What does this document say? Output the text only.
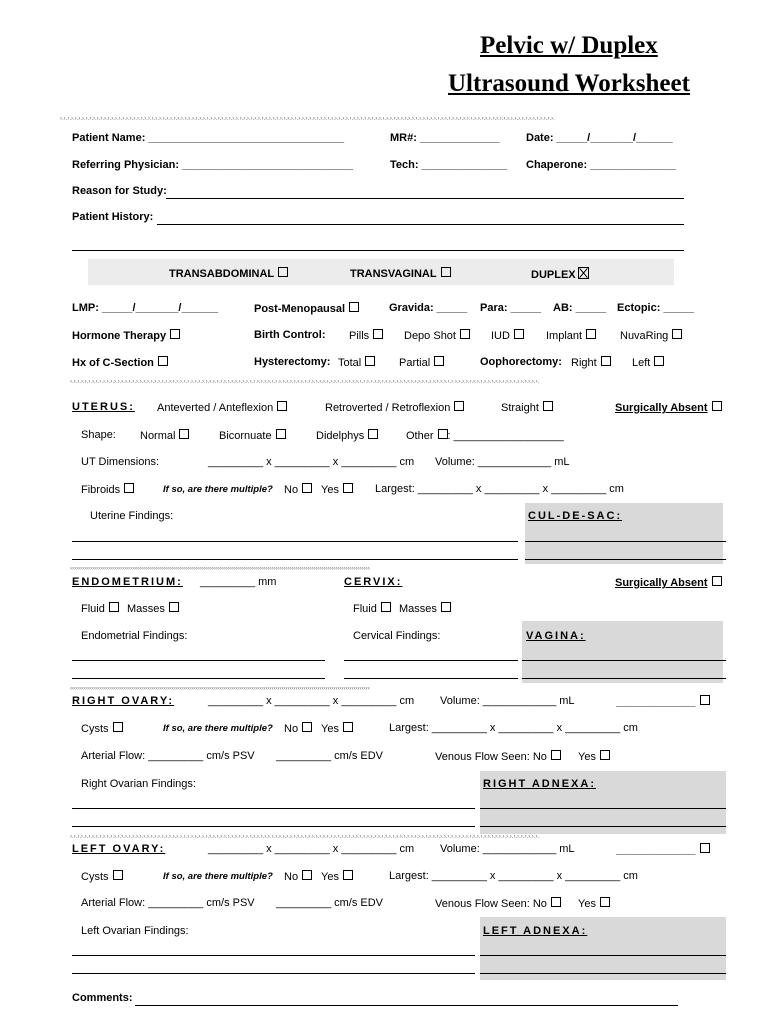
Pelvic w/ Duplex
Ultrasound Worksheet
›.›.›.›.›.›.›.›.›.›.›.›.›.›.›.›.›.›.›.›.›.›.›.›.›.›.›.›.›.›.›.›.›.›.›.›.›.›.›.›.›.›.›.›.›.›.›.›.›.›.›.›.›.›.›.›.›.›.›.›.›.›.›.›.›.›.›.›.›.›.›.›.›.›.›.›.›.›.›.›.›.›.›.›.›.›.›.›.›.›.›.›.›.›.›.›.›.›.›.›.›.›.›.›.›.›.›.›.›.›.›.›.›.›.›.›.›.›.›.›.›.›.›.›.›.›.›.›.›.›.›.›.›.›.›.
Patient Name: ________________________________	MR#: _____________ Date: _____/_______/______
Referring Physician: ____________________________	Tech: ______________ Chaperone: ______________
Reason for Study:
Patient History:
TRANSABDOMINAL	TRANSVAGINAL	DUPLEX
LMP: _____/_______/______	Post-Menopausal	Gravida: _____ Para: _____ AB: _____ Ectopic: _____
Hormone Therapy	Birth Control: Pills	Depo Shot	IUD	Implant	NuvaRing
Hx of C-Section	Hysterectomy: Total	Partial	Oophorectomy: Right	Left
›.›.›.›.›.›.›.›.›.›.›.›.›.›.›.›.›.›.›.›.›.›.›.›.›.›.›.›.›.›.›.›.›.›.›.›.›.›.›.›.›.›.›.›.›.›.›.›.›.›.›.›.›.›.›.›.›.›.›.›.›.›.›.›.›.›.›.›.›.›.›.›.›.›.›.›.›.›.›.›.›.›.›.›.›.›.›.›.›.›.›.›.›.›.›.›.›.›.›.›.›.›.›.›.›.›.›.›.›.›.›.›.›.›.›.›.›.›.›.›.›.›.›.›.›.›.›.›.
UTERUS: Anteverted / Anteflexion	Retroverted / Retroflexion	Straight	Surgically Absent
Shape: Normal	Bicornuate	Didelphys	Other : __________________
UT Dimensions:	_________ x _________ x _________ cm Volume: ____________ mL
Fibroids	If so, are there multiple? No	Yes	Largest: _________ x _________ x _________ cm
CUL-DE-SAC:
Uterine Findings:
››››››››››››››››››››››››››››››››››››››››››››››››››››››››››››››››››››››››››››››››››››››››››››››››››››››››››››››››››››››››››››››››››››››››››››››››››››››
ENDOMETRIUM: _________ mm	CERVIX:	Surgically Absent
Fluid	Masses	Fluid	Masses
Endometrial Findings:	Cervical Findings:	VAGINA:
‹‹‹‹‹‹‹‹‹‹‹‹‹‹‹‹‹‹‹‹‹‹‹‹‹‹‹‹‹‹‹‹‹‹‹‹‹‹‹‹‹‹‹‹‹‹‹‹‹‹‹‹‹‹‹‹‹‹‹‹‹‹‹‹‹‹‹‹‹‹‹‹‹‹‹‹‹‹‹‹‹‹‹‹‹‹‹‹‹‹‹‹‹‹‹‹‹‹‹‹‹‹‹‹‹‹‹‹‹‹‹‹‹‹‹‹‹‹‹‹‹‹‹‹‹‹‹‹‹‹‹‹‹‹‹‹‹‹‹‹‹‹‹‹‹‹‹‹‹‹
RIGHT OVARY:	_________ x _________ x _________ cm Volume: ____________ mL	_____________
Cysts	If so, are there multiple? No	Yes	Largest: _________ x _________ x _________ cm
Arterial Flow: _________ cm/s PSV _________ cm/s EDV	Venous Flow Seen: No	Yes
Right Ovarian Findings:	RIGHT ADNEXA:
›.›.›.›.›.›.›.›.›.›.›.›.›.›.›.›.›.›.›.›.›.›.›.›.›.›.›.›.›.›.›.›.›.›.›.›.›.›.›.›.›.›.›.›.›.›.›.›.›.›.›.›.›.›.›.›.›.›.›.›.›.›.›.›.›.›.›.›.›.›.›.›.›.›.›.›.›.›.›.›.›.›.›.›.›.›.›.›.›.›.›.›.›.›.›.›.›.›.›.›.›.›.›.›.›.›.›.›.›.›.›.›.›.›.›.›.›.›.›.›.›.›.›.›.›.›.›.›.
LEFT OVARY:	_________ x _________ x _________ cm Volume: ____________ mL	_____________
Cysts	If so, are there multiple? No	Yes	Largest: _________ x _________ x _________ cm
Arterial Flow: _________ cm/s PSV _________ cm/s EDV	Venous Flow Seen: No	Yes
Left Ovarian Findings:	LEFT ADNEXA:
Comments:
